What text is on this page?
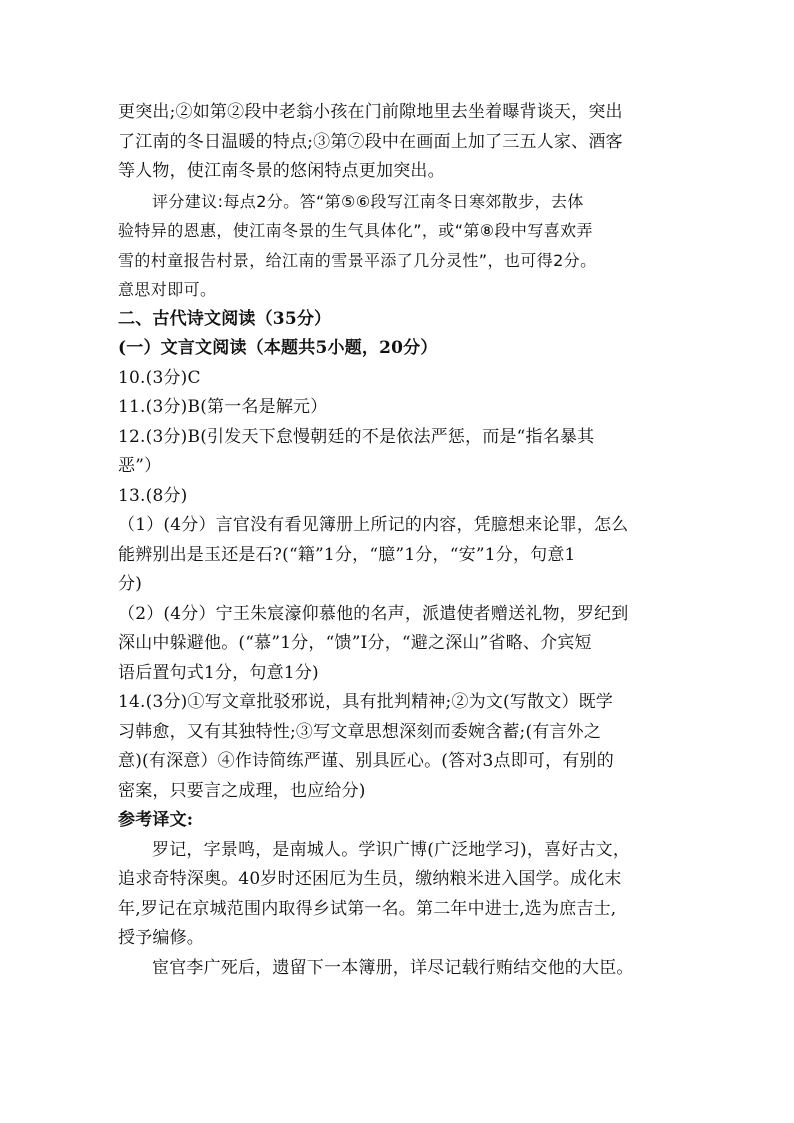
更突出;②如第②段中老翁小孩在门前隙地里去坐着曝背谈天，突出
了江南的冬日温暖的特点;③第⑦段中在画面上加了三五人家、酒客
等人物，使江南冬景的悠闲特点更加突出。
评分建议:每点2分。答“第⑤⑥段写江南冬日寒郊散步，去体
验特异的恩惠，使江南冬景的生气具体化”，或“第⑧段中写喜欢弄
雪的村童报告村景，给江南的雪景平添了几分灵性”，也可得2分。
意思对即可。
二、古代诗文阅读（35分）
(一）文言文阅读（本题共5小题，20分）
10.(3分)C
11.(3分)B(第一名是解元）
12.(3分)B(引发天下怠慢朝廷的不是依法严惩，而是“指名暴其
恶”）
13.(8分)
（1）(4分）言官没有看见簿册上所记的内容，凭臆想来论罪，怎么
能辨别出是玉还是石?(“籍”1分，“臆”1分，“安”1分，句意1
分)
（2）(4分）宁王朱宸濠仰慕他的名声，派遣使者赠送礼物，罗纪到
深山中躲避他。(“慕”1分，“馈”I分，“避之深山”省略、介宾短
语后置句式1分，句意1分)
14.(3分)①写文章批驳邪说，具有批判精神;②为文(写散文）既学
习韩愈，又有其独特性;③写文章思想深刻而委婉含蓄;(有言外之
意)(有深意）④作诗简练严谨、别具匠心。(答对3点即可，有别的
密案，只要言之成理，也应给分)
参考译文:
罗记，字景鸣，是南城人。学识广博(广泛地学习)，喜好古文，
追求奇特深奥。40岁时还困厄为生员，缴纳粮米进入国学。成化末
年,罗记在京城范围内取得乡试第一名。第二年中进士,选为庶吉士,
授予编修。
宦官李广死后，遗留下一本簿册，详尽记载行贿结交他的大臣。
